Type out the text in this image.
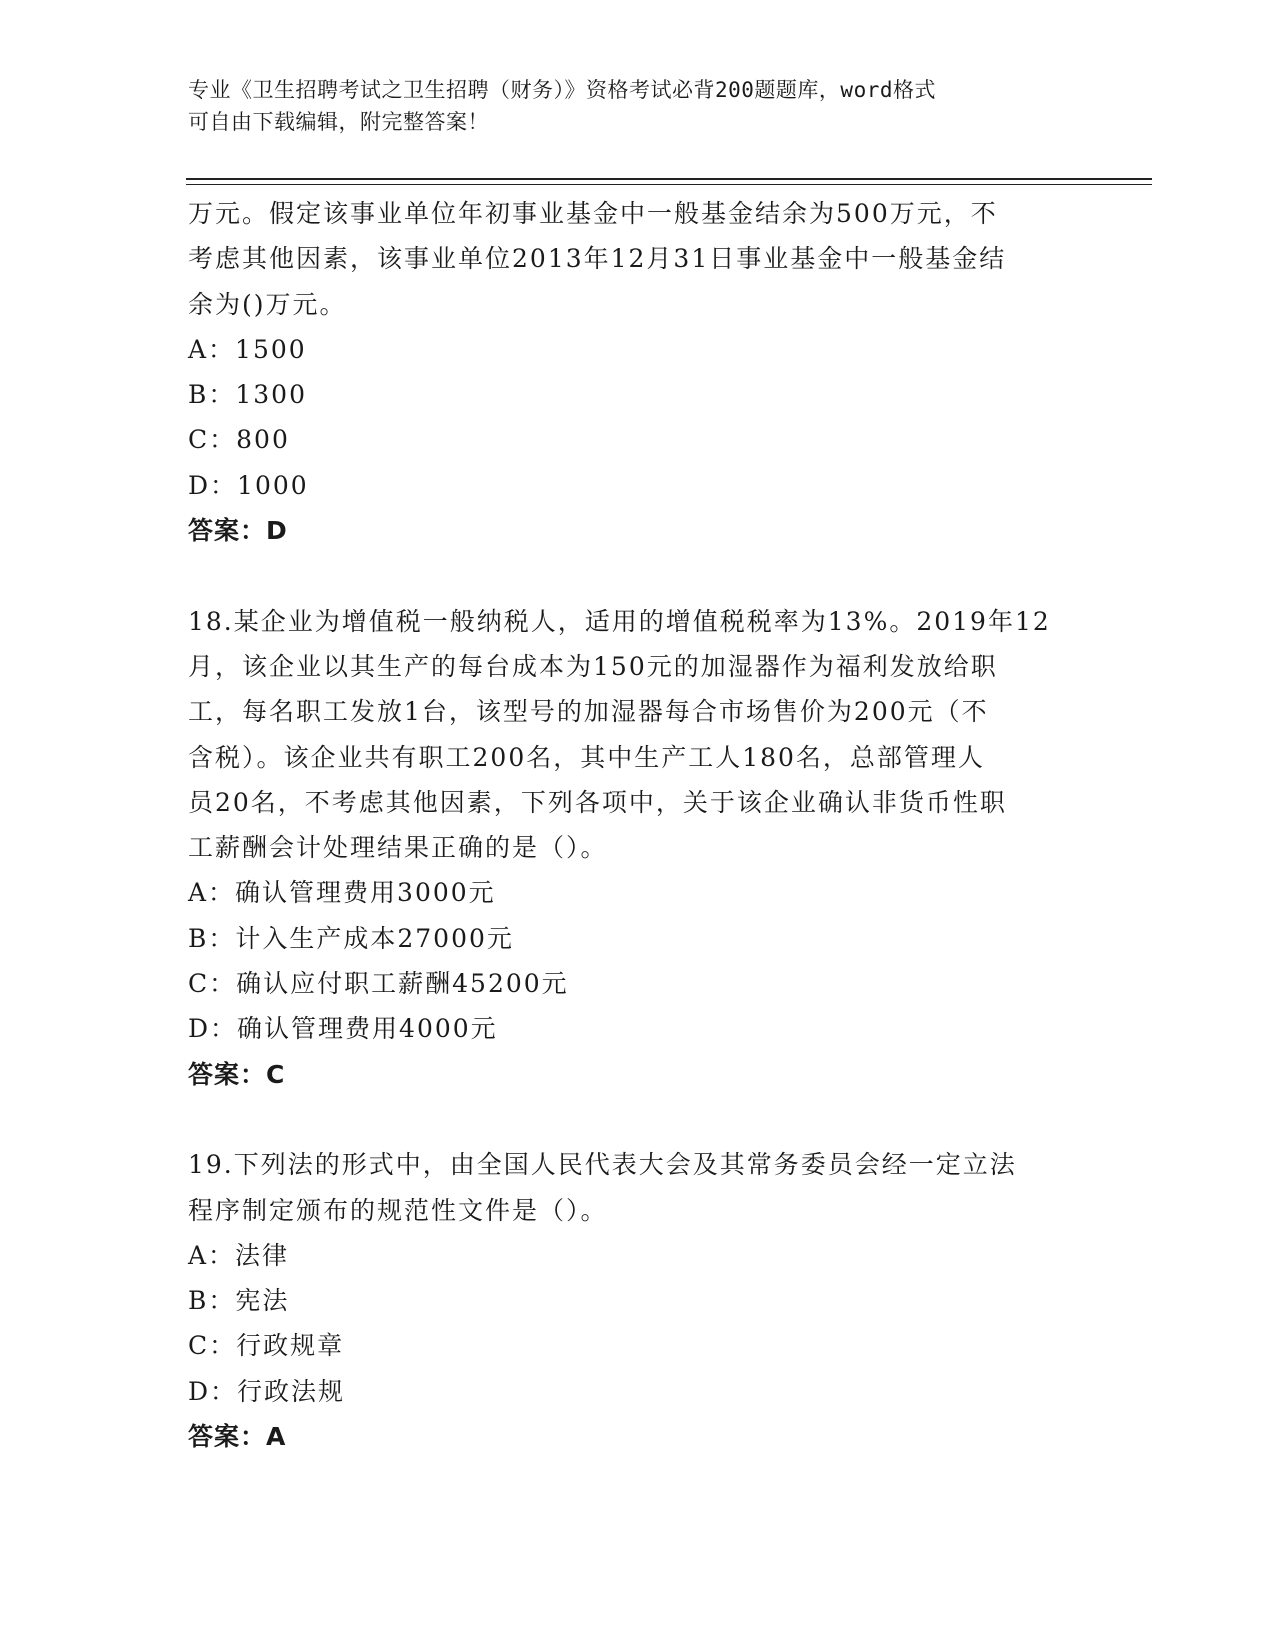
专业《卫生招聘考试之卫生招聘（财务）》资格考试必背200题题库，word格式
可自由下载编辑，附完整答案！
万元。假定该事业单位年初事业基金中一般基金结余为500万元，不
考虑其他因素，该事业单位2013年12月31日事业基金中一般基金结
余为()万元。
A：1500
B：1300
C：800
D：1000
答案：D
18.某企业为增值税一般纳税人，适用的增值税税率为13%。2019年12
月，该企业以其生产的每台成本为150元的加湿器作为福利发放给职
工，每名职工发放1台，该型号的加湿器每合市场售价为200元（不
含税）。该企业共有职工200名，其中生产工人180名，总部管理人
员20名，不考虑其他因素，下列各项中，关于该企业确认非货币性职
工薪酬会计处理结果正确的是（）。
A：确认管理费用3000元
B：计入生产成本27000元
C：确认应付职工薪酬45200元
D：确认管理费用4000元
答案：C
19.下列法的形式中，由全国人民代表大会及其常务委员会经一定立法
程序制定颁布的规范性文件是（）。
A：法律
B：宪法
C：行政规章
D：行政法规
答案：A
